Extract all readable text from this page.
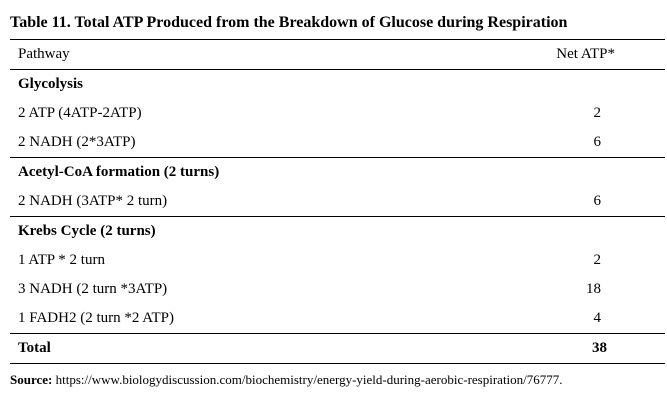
Table 11. Total ATP Produced from the Breakdown of Glucose during Respiration
Pathway	Net ATP*
Glycolysis	
2 ATP (4ATP-2ATP)	2
2 NADH (2*3ATP)	6
Acetyl-CoA formation (2 turns)	
2 NADH (3ATP* 2 turn)	6
Krebs Cycle (2 turns)	
1 ATP * 2 turn	2
3 NADH (2 turn *3ATP)	18
1 FADH2 (2 turn *2 ATP)	4
Total	38
Source: https://www.biologydiscussion.com/biochemistry/energy-yield-during-aerobic-respiration/76777.
